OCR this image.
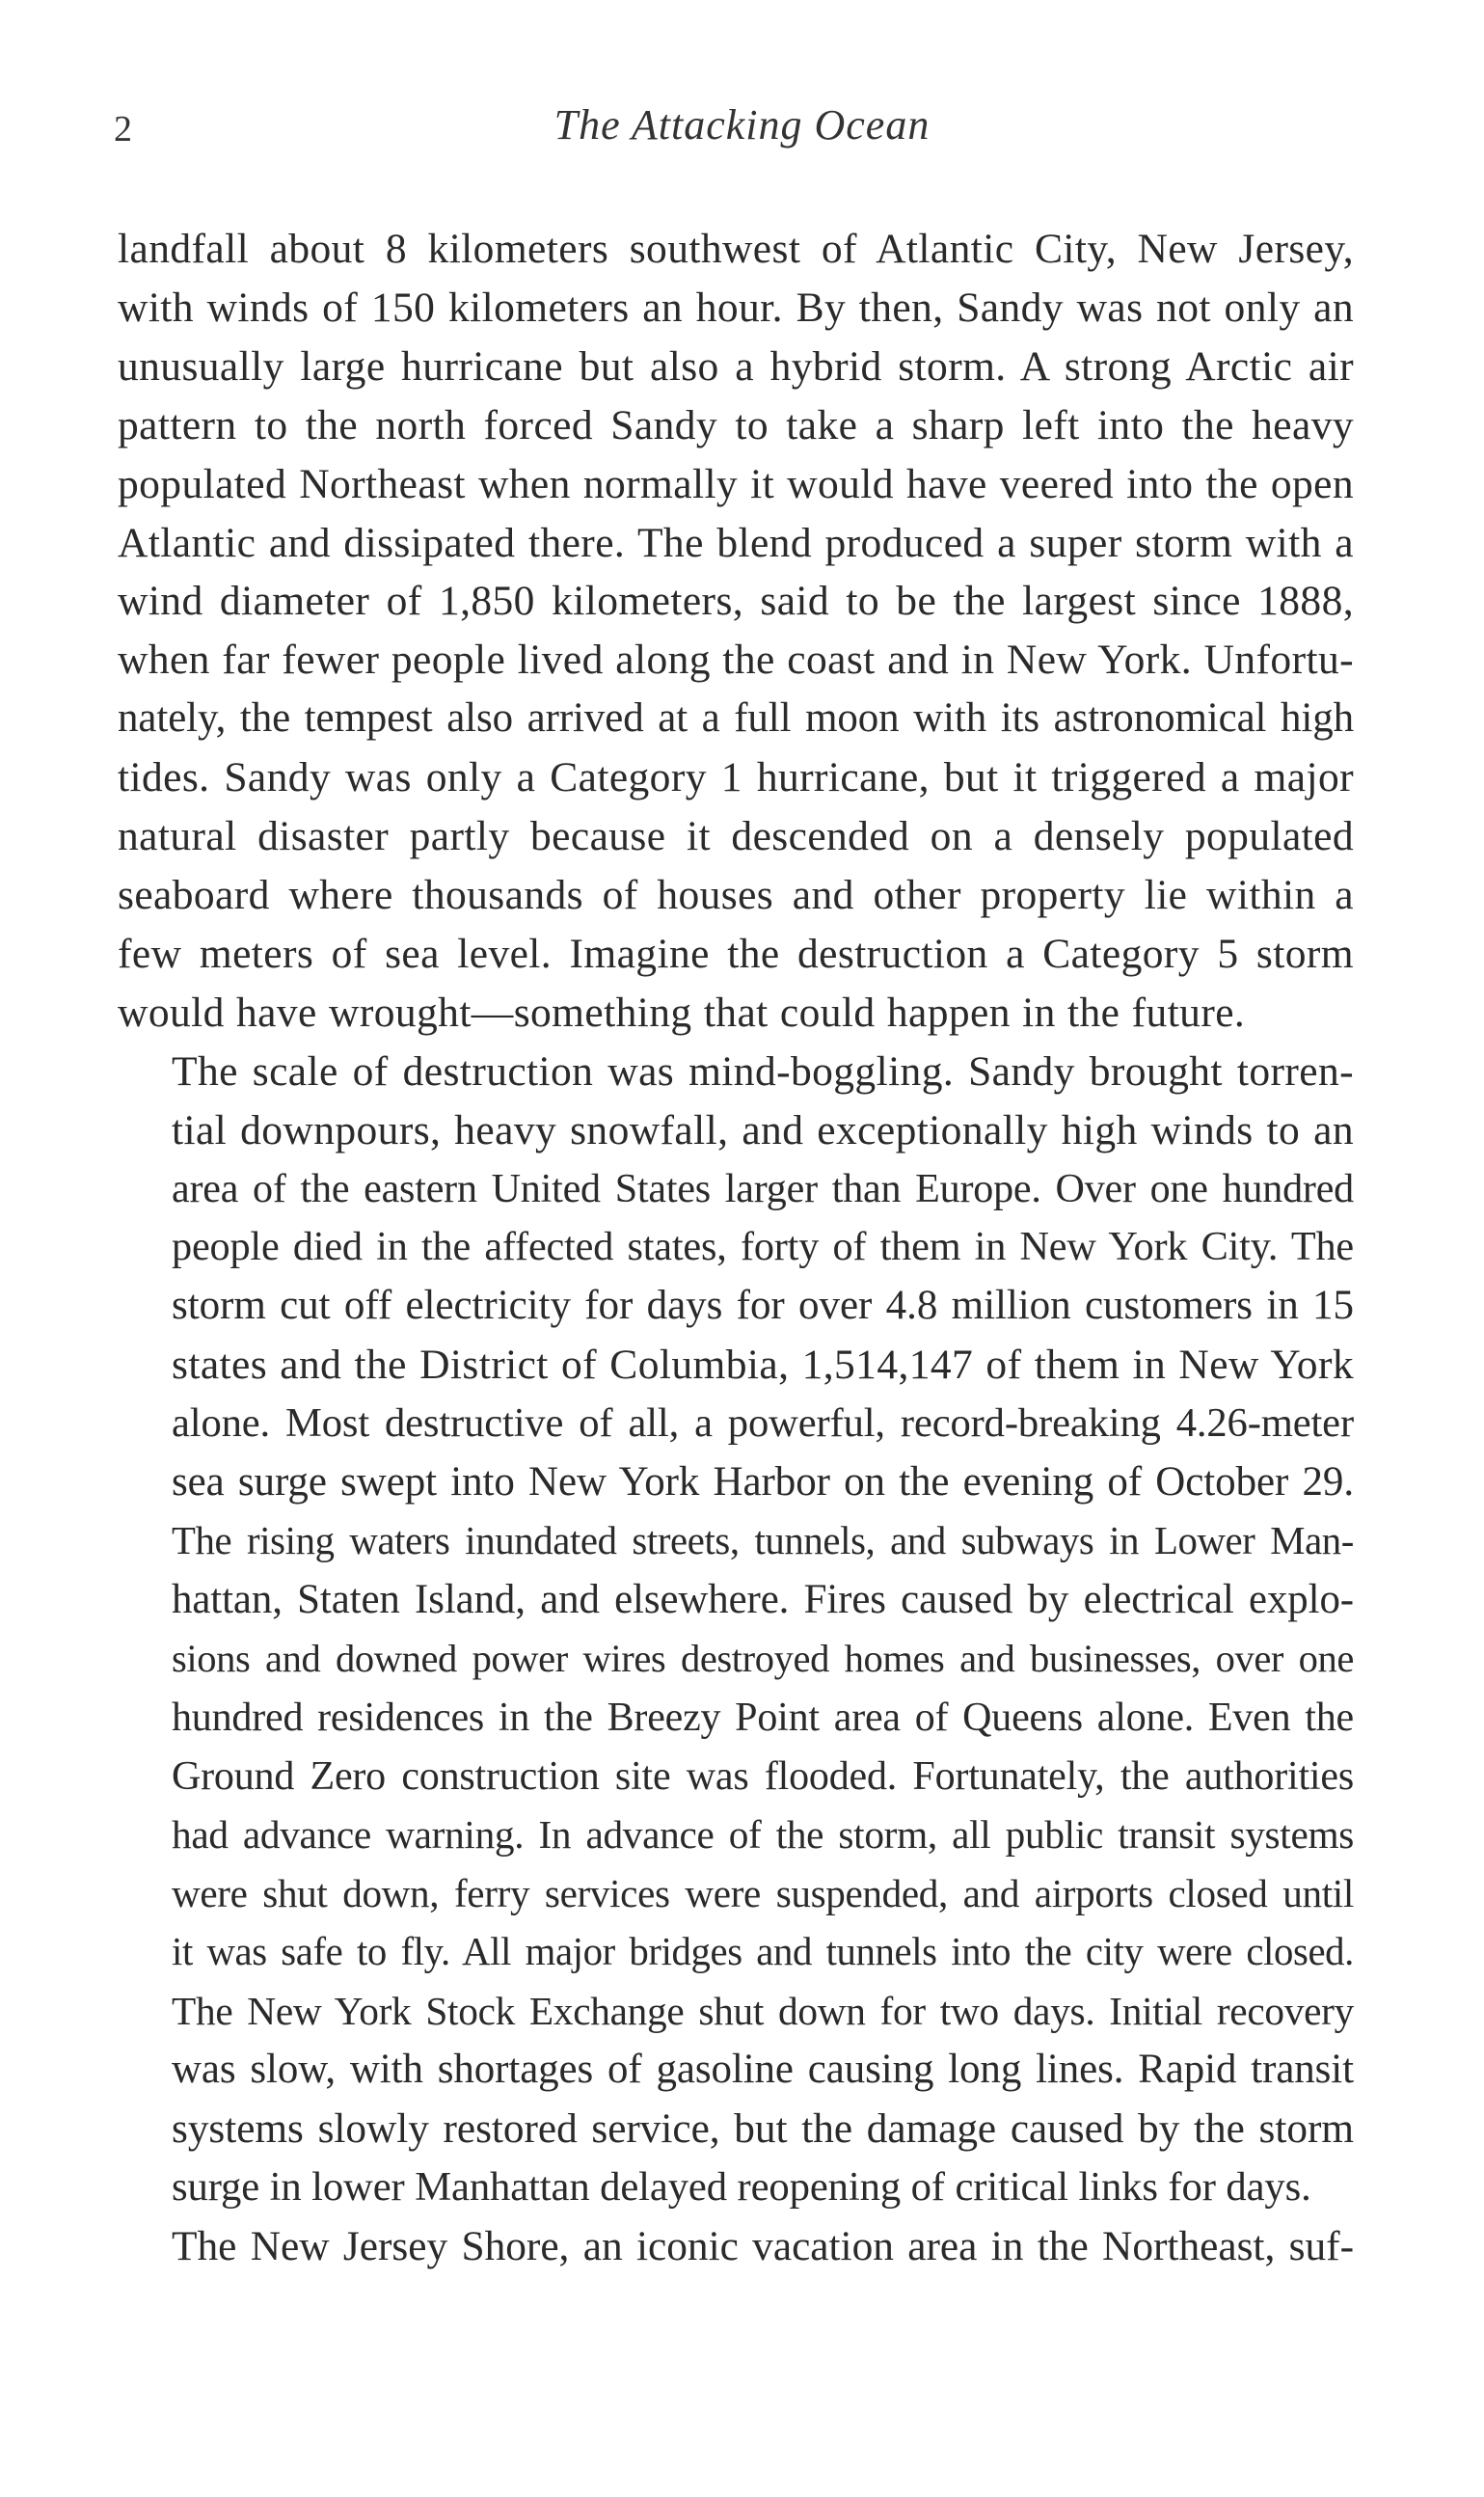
2	The Attacking Ocean

landfall about 8 kilometers southwest of Atlantic City, New Jersey,
with winds of 150 kilometers an hour. By then, Sandy was not only an
unusually large hurricane but also a hybrid storm. A strong Arctic air
pattern to the north forced Sandy to take a sharp left into the heavy
populated Northeast when normally it would have veered into the open
Atlantic and dissipated there. The blend produced a super storm with a
wind diameter of 1,850 kilometers, said to be the largest since 1888,
when far fewer people lived along the coast and in New York. Unfortu-
nately, the tempest also arrived at a full moon with its astronomical high
tides. Sandy was only a Category 1 hurricane, but it triggered a major
natural disaster partly because it descended on a densely populated
seaboard where thousands of houses and other property lie within a
few meters of sea level. Imagine the destruction a Category 5 storm
would have wrought—something that could happen in the future.

The scale of destruction was mind-boggling. Sandy brought torren-
tial downpours, heavy snowfall, and exceptionally high winds to an
area of the eastern United States larger than Europe. Over one hundred
people died in the affected states, forty of them in New York City. The
storm cut off electricity for days for over 4.8 million customers in 15
states and the District of Columbia, 1,514,147 of them in New York
alone. Most destructive of all, a powerful, record-breaking 4.26-meter
sea surge swept into New York Harbor on the evening of October 29.
The rising waters inundated streets, tunnels, and subways in Lower Man-
hattan, Staten Island, and elsewhere. Fires caused by electrical explo-
sions and downed power wires destroyed homes and businesses, over one
hundred residences in the Breezy Point area of Queens alone. Even the
Ground Zero construction site was flooded. Fortunately, the authorities
had advance warning. In advance of the storm, all public transit systems
were shut down, ferry services were suspended, and airports closed until
it was safe to fly. All major bridges and tunnels into the city were closed.
The New York Stock Exchange shut down for two days. Initial recovery
was slow, with shortages of gasoline causing long lines. Rapid transit
systems slowly restored service, but the damage caused by the storm
surge in lower Manhattan delayed reopening of critical links for days.

The New Jersey Shore, an iconic vacation area in the Northeast, suf-
